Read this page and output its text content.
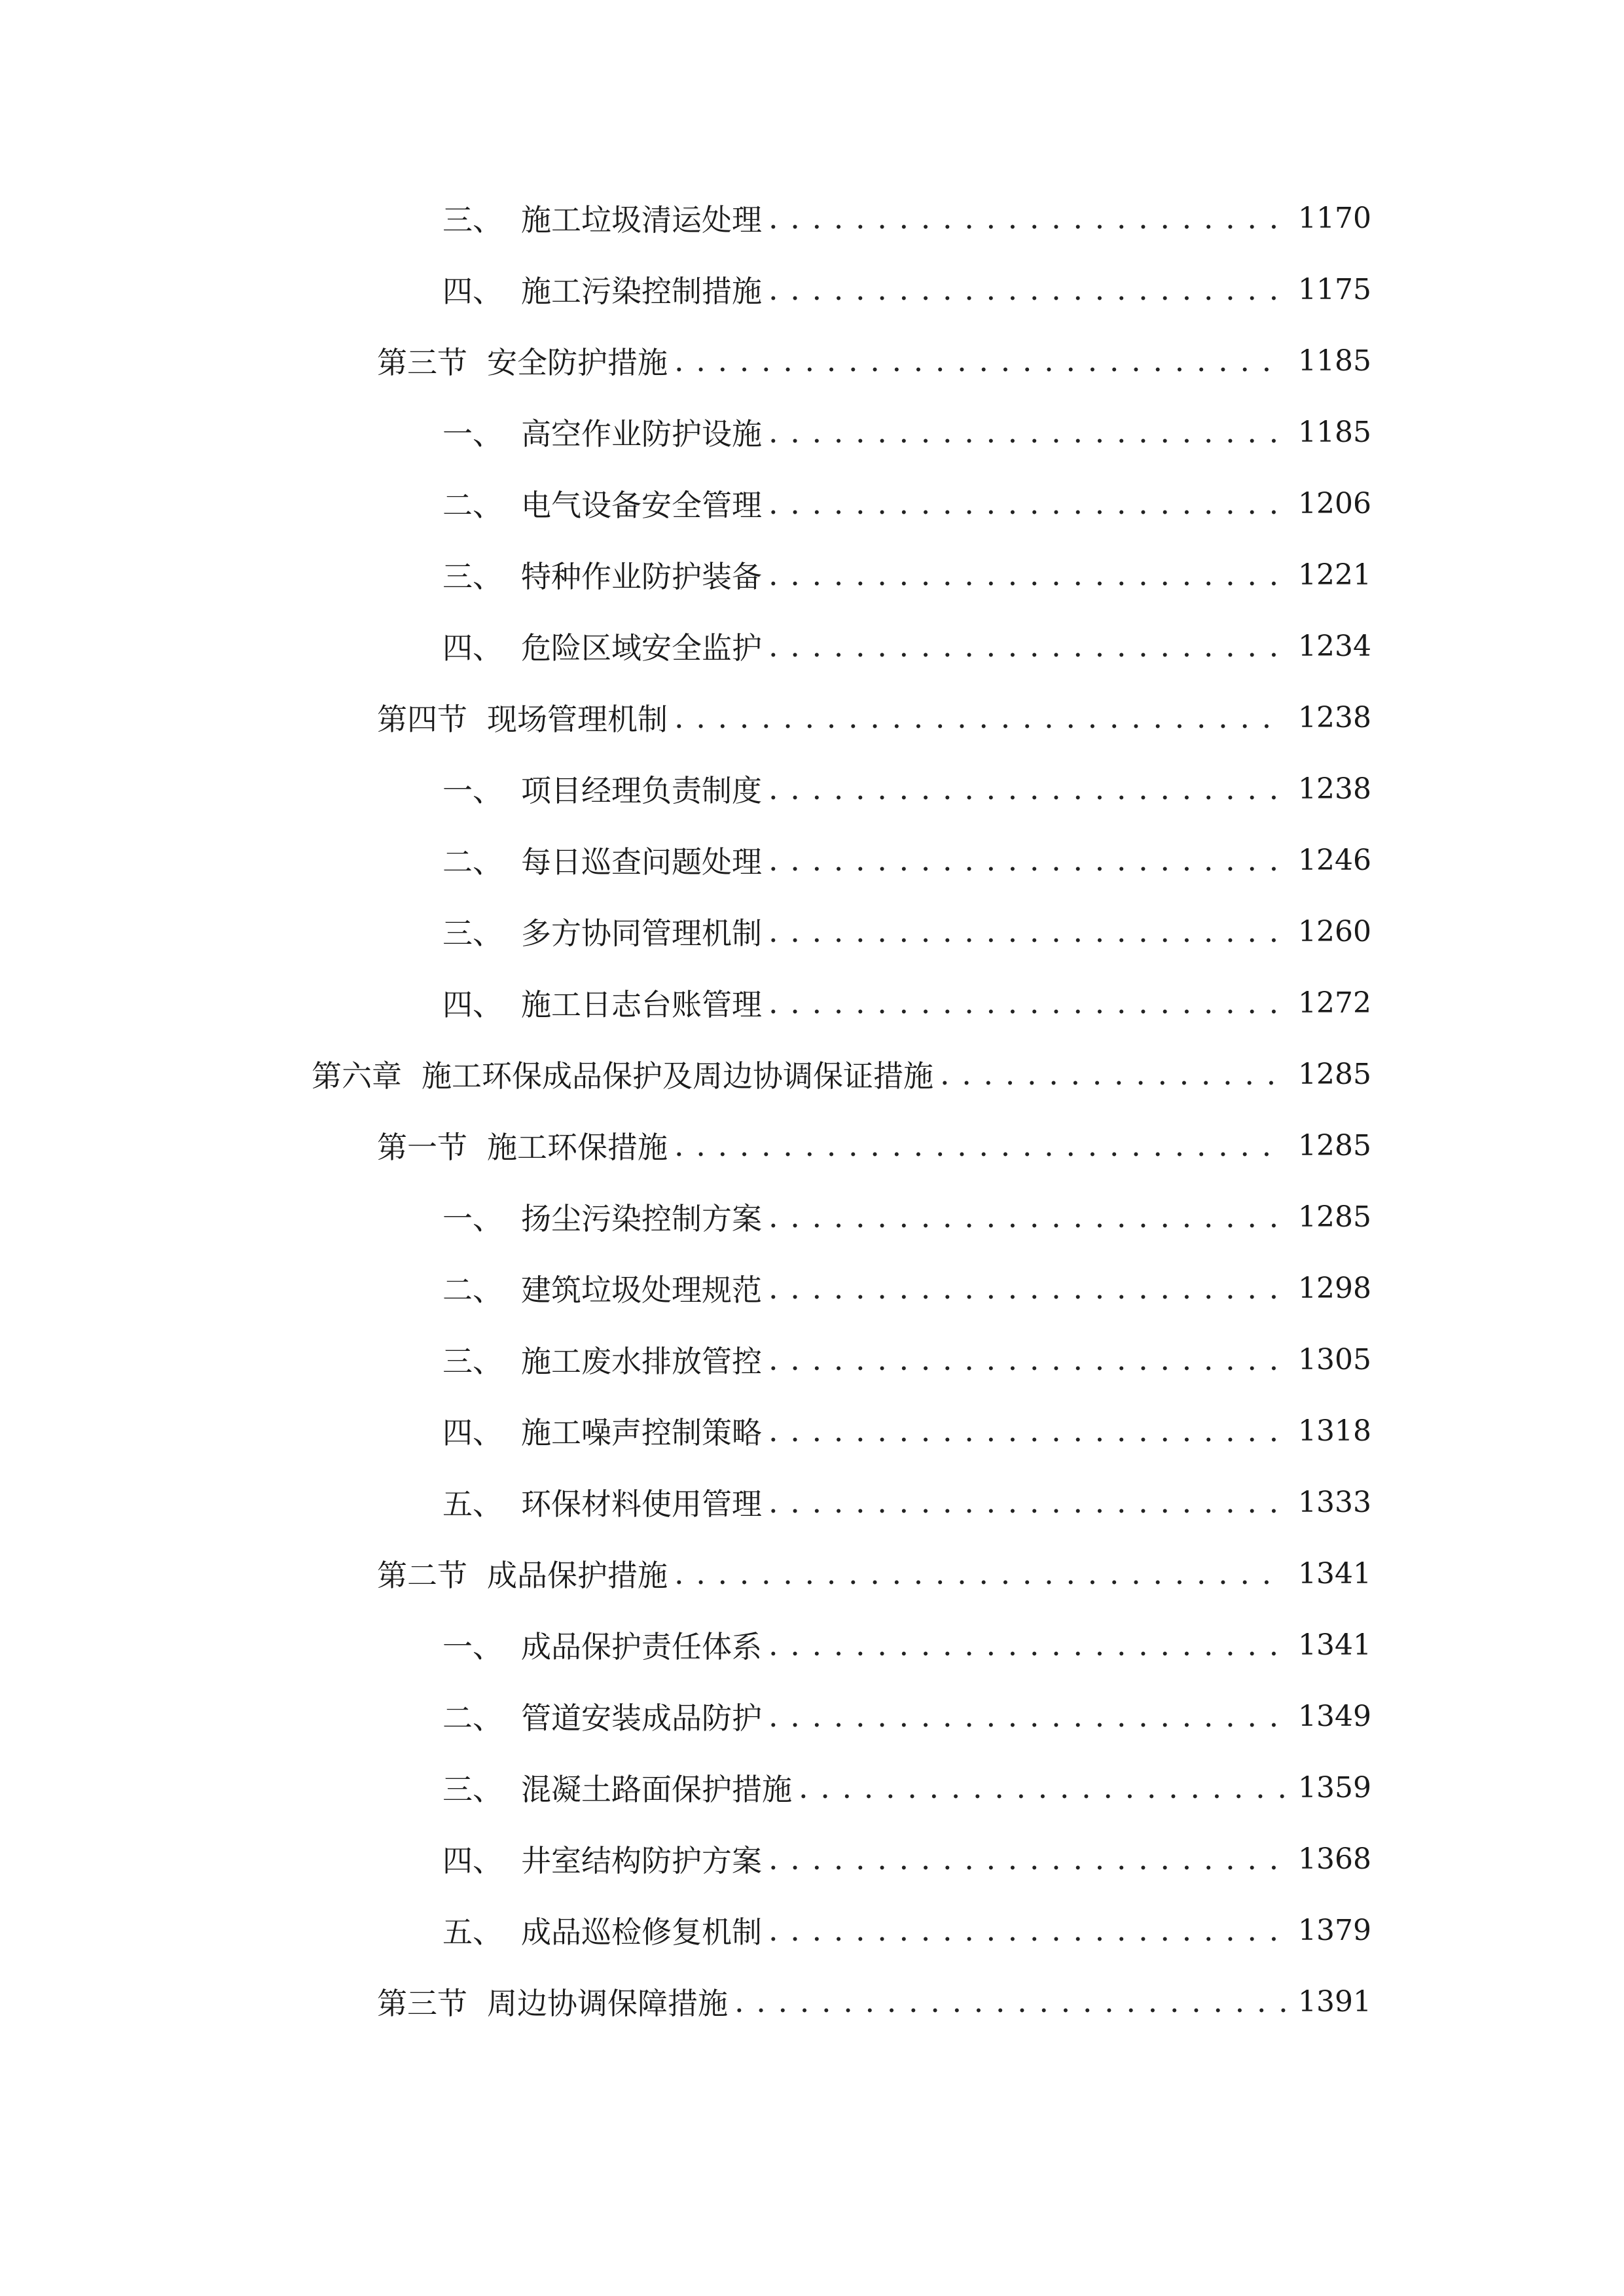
三、 施工垃圾清运处理 . . .	1170
四、 施工污染控制措施 . . .	1175
第三节 安全防护措施 . . .	1185
一、 高空作业防护设施 . . .	1185
二、 电气设备安全管理 . . .	1206
三、 特种作业防护装备 . . .	1221
四、 危险区域安全监护 . . .	1234
第四节 现场管理机制 . . .	1238
一、 项目经理负责制度 . . .	1238
二、 每日巡查问题处理 . . .	1246
三、 多方协同管理机制 . . .	1260
四、 施工日志台账管理 . . .	1272
第六章 施工环保成品保护及周边协调保证措施 . . .	1285
第一节 施工环保措施 . . .	1285
一、 扬尘污染控制方案 . . .	1285
二、 建筑垃圾处理规范 . . .	1298
三、 施工废水排放管控 . . .	1305
四、 施工噪声控制策略 . . .	1318
五、 环保材料使用管理 . . .	1333
第二节 成品保护措施 . . .	1341
一、 成品保护责任体系 . . .	1341
二、 管道安装成品防护 . . .	1349
三、 混凝土路面保护措施 . . .	1359
四、 井室结构防护方案 . . .	1368
五、 成品巡检修复机制 . . .	1379
第三节 周边协调保障措施 . . .	1391
